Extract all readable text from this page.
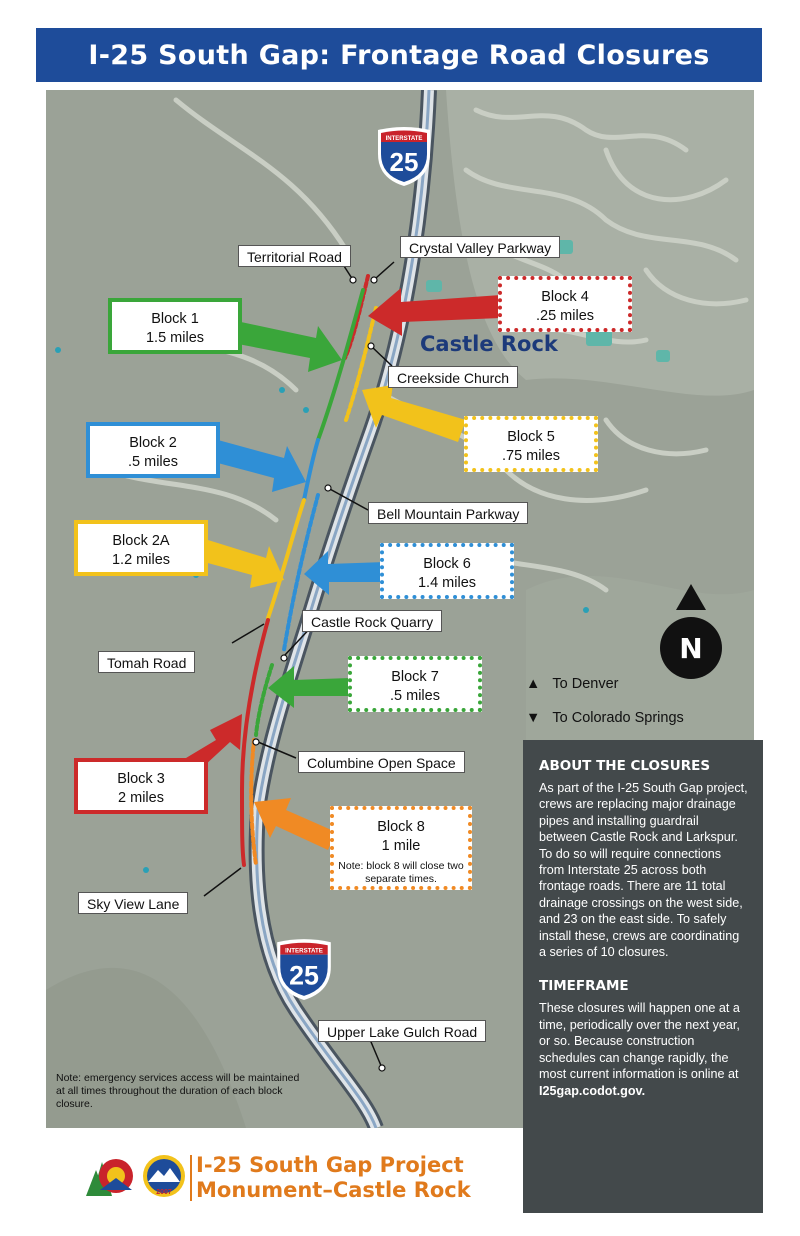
I-25 South Gap: Frontage Road Closures
INTERSTATE
25
INTERSTATE
25
Territorial Road
Crystal Valley Parkway
Creekside Church
Bell Mountain Parkway
Castle Rock Quarry
Tomah Road
Columbine Open Space
Sky View Lane
Upper Lake Gulch Road
Block 1
1.5 miles
Block 4
.25 miles
Block 2
.5 miles
Block 5
.75 miles
Block 2A
1.2 miles	Block 6
1.4 miles
Block 7
.5 miles
Block 3
2 miles
Block 8
1 mile
Note: block 8 will close two separate times.
Castle Rock
N
▲ To Denver
▼ To Colorado Springs
Note: emergency services access will be maintained at all times throughout the duration of each block closure.
ABOUT THE CLOSURES

As part of the I-25 South Gap project, crews are replacing major drainage pipes and installing guardrail between Castle Rock and Larkspur. To do so will require connections from Interstate 25 across both frontage roads. There are 11 total drainage crossings on the west side, and 23 on the east side. To safely install these, crews are coordinating a series of 10 closures.

TIMEFRAME

These closures will happen one at a time, periodically over the next year, or so. Because construction schedules can change rapidly, the most current information is online at I25gap.codot.gov.

2007
I-25 South Gap Project
Monument–Castle Rock
